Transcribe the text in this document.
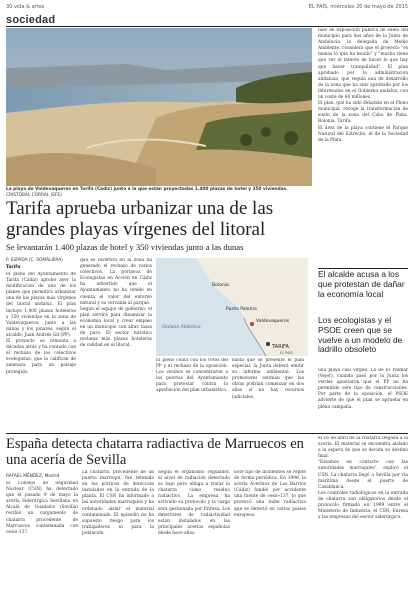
30 vida & artes	EL PAÍS, miércoles 20 de mayo de 2015
sociedad
La playa de Valdevaqueros en Tarifa (Cádiz) junto a la que están proyectadas 1.400 plazas de hotel y 350 viviendas. CRISTÓBAL CORRAL (EFE)
Tarifa aprueba urbanizar una de las grandes playas vírgenes del litoral
Se levantarán 1.400 plazas de hotel y 350 viviendas junto a las dunas
P. ESPADA (C. SOMALIERA)
Tarifa
fase de exposición pública de suelo del municipio para dos años de la Junta de Andalucía, la delegada de Medio Ambiente, considera que el proyecto "es menos lo que ha tenido" y "mucho tiene que ver el interés de hacer lo que hay que hacer tranquilidad". El plan aprobado por la administración andaluza, que regula una de desarrollo de la zona que ha sido aprobado por los interesados en el Gobierno andaluz, con un coste de 66 millones.
El plan, que ha sido debatido en el Pleno municipal, recoge la transformación de suelo de la zona del Cabo de Plata, Bolonia, Tarifa.
El área de la playa contiene el Parque Natural del Estrecho, el de la Sociedad de la Plata.
El pleno del Ayuntamiento de Tarifa (Cádiz) aprobó ayer la modificación de uno de los planes que permitirá urbanizar una de las playas más vírgenes del litoral andaluz. El plan incluye 1.400 plazas hoteleras y 350 viviendas en la zona de Valdevaqueros, junto a las dunas y los pinares, según el alcalde, Juan Andrés Gil (PP).
El proyecto se remonta a décadas atrás y ha contado con el rechazo de los colectivos ecologistas, que lo califican de amenaza para un paisaje protegido.
que se invertirá en la zona ha generado el rechazo de varios colectivos. La portavoz de Ecologistas en Acción en Cádiz ha advertido que el Ayuntamiento no ha tenido en cuenta el valor del entorno natural y su cercanía al parque.
Según el equipo de gobierno, el plan servirá para dinamizar la economía local y crear empleo en un municipio con altas tasas de paro. El sector turístico reclama más plazas hoteleras de calidad en el litoral.	TARIFA
Valdevaqueros
Punta Paloma
Bolonia
Océano Atlántico
EL PAÍS
El pleno contó con los votos del PP y el rechazo de la oposición. Los vecinos se concentraron a las puertas del Ayuntamiento para protestar contra la aprobación del plan urbanístico.
hasta que se presente el plan especial, la Junta deberá emitir su informe ambiental. Los promotores estiman que las obras podrían comenzar en dos años si no hay recursos judiciales.
El alcalde acusa a los que protestan de dañar la economía local
Los ecologistas y el PSOE creen que se vuelve a un modelo de ladrillo obsoleto
una playa casi virgen. La de El Palmar (Vejer), cuando pasó por la Junta los verdes apuntaron que el PP no ha permitido este tipo de construcciones. Por parte de la oposición, el PSOE advierte de que el plan se aprueba en plena campaña.
España detecta chatarra radiactiva de Marruecos en una acería de Sevilla
RAFAEL MÉNDEZ, Madrid
El Consejo de Seguridad Nuclear (CSN) ha detectado que el pasado 9 de mayo la acería Siderúrgica Sevillana en Alcalá de Guadaíra (Sevilla) recibió un cargamento de chatarra procedente de Marruecos contaminada con cesio-137.
La chatarra, procedente de un puerto marroquí, fue retenida en los pórticos de detección instalados en la entrada de la planta. El CSN ha informado a las autoridades marroquíes y ha ordenado aislar el material contaminado. El episodio no ha supuesto riesgo para los trabajadores ni para la población.
Según el organismo regulador, el nivel de radiación detectado es bajo pero obliga a tratar la chatarra como residuo radiactivo. La empresa ha activado su protocolo y la carga será gestionada por Enresa. Los detectores de radiactividad están instalados en las principales acerías españolas desde hace años.
Este tipo de incidentes se repite de forma periódica. En 1998, la acería Acerinox de Los Barrios (Cádiz) fundió por accidente una fuente de cesio-137, lo que provocó una nube radiactiva que se detectó en varios países europeos.
el 16 de abril de la chatarra llegada a la acería. El material se encuentra aislado a la espera de que se decida su destino final.
"Estamos en contacto con las autoridades marroquíes", explicó el CSN. La chatarra llegó a Sevilla por vía marítima desde el puerto de Casablanca.
Los controles radiológicos en la entrada de chatarra son obligatorios desde el protocolo firmado en 1999 entre el Ministerio de Industria, el CSN, Enresa y las empresas del sector siderúrgico.
